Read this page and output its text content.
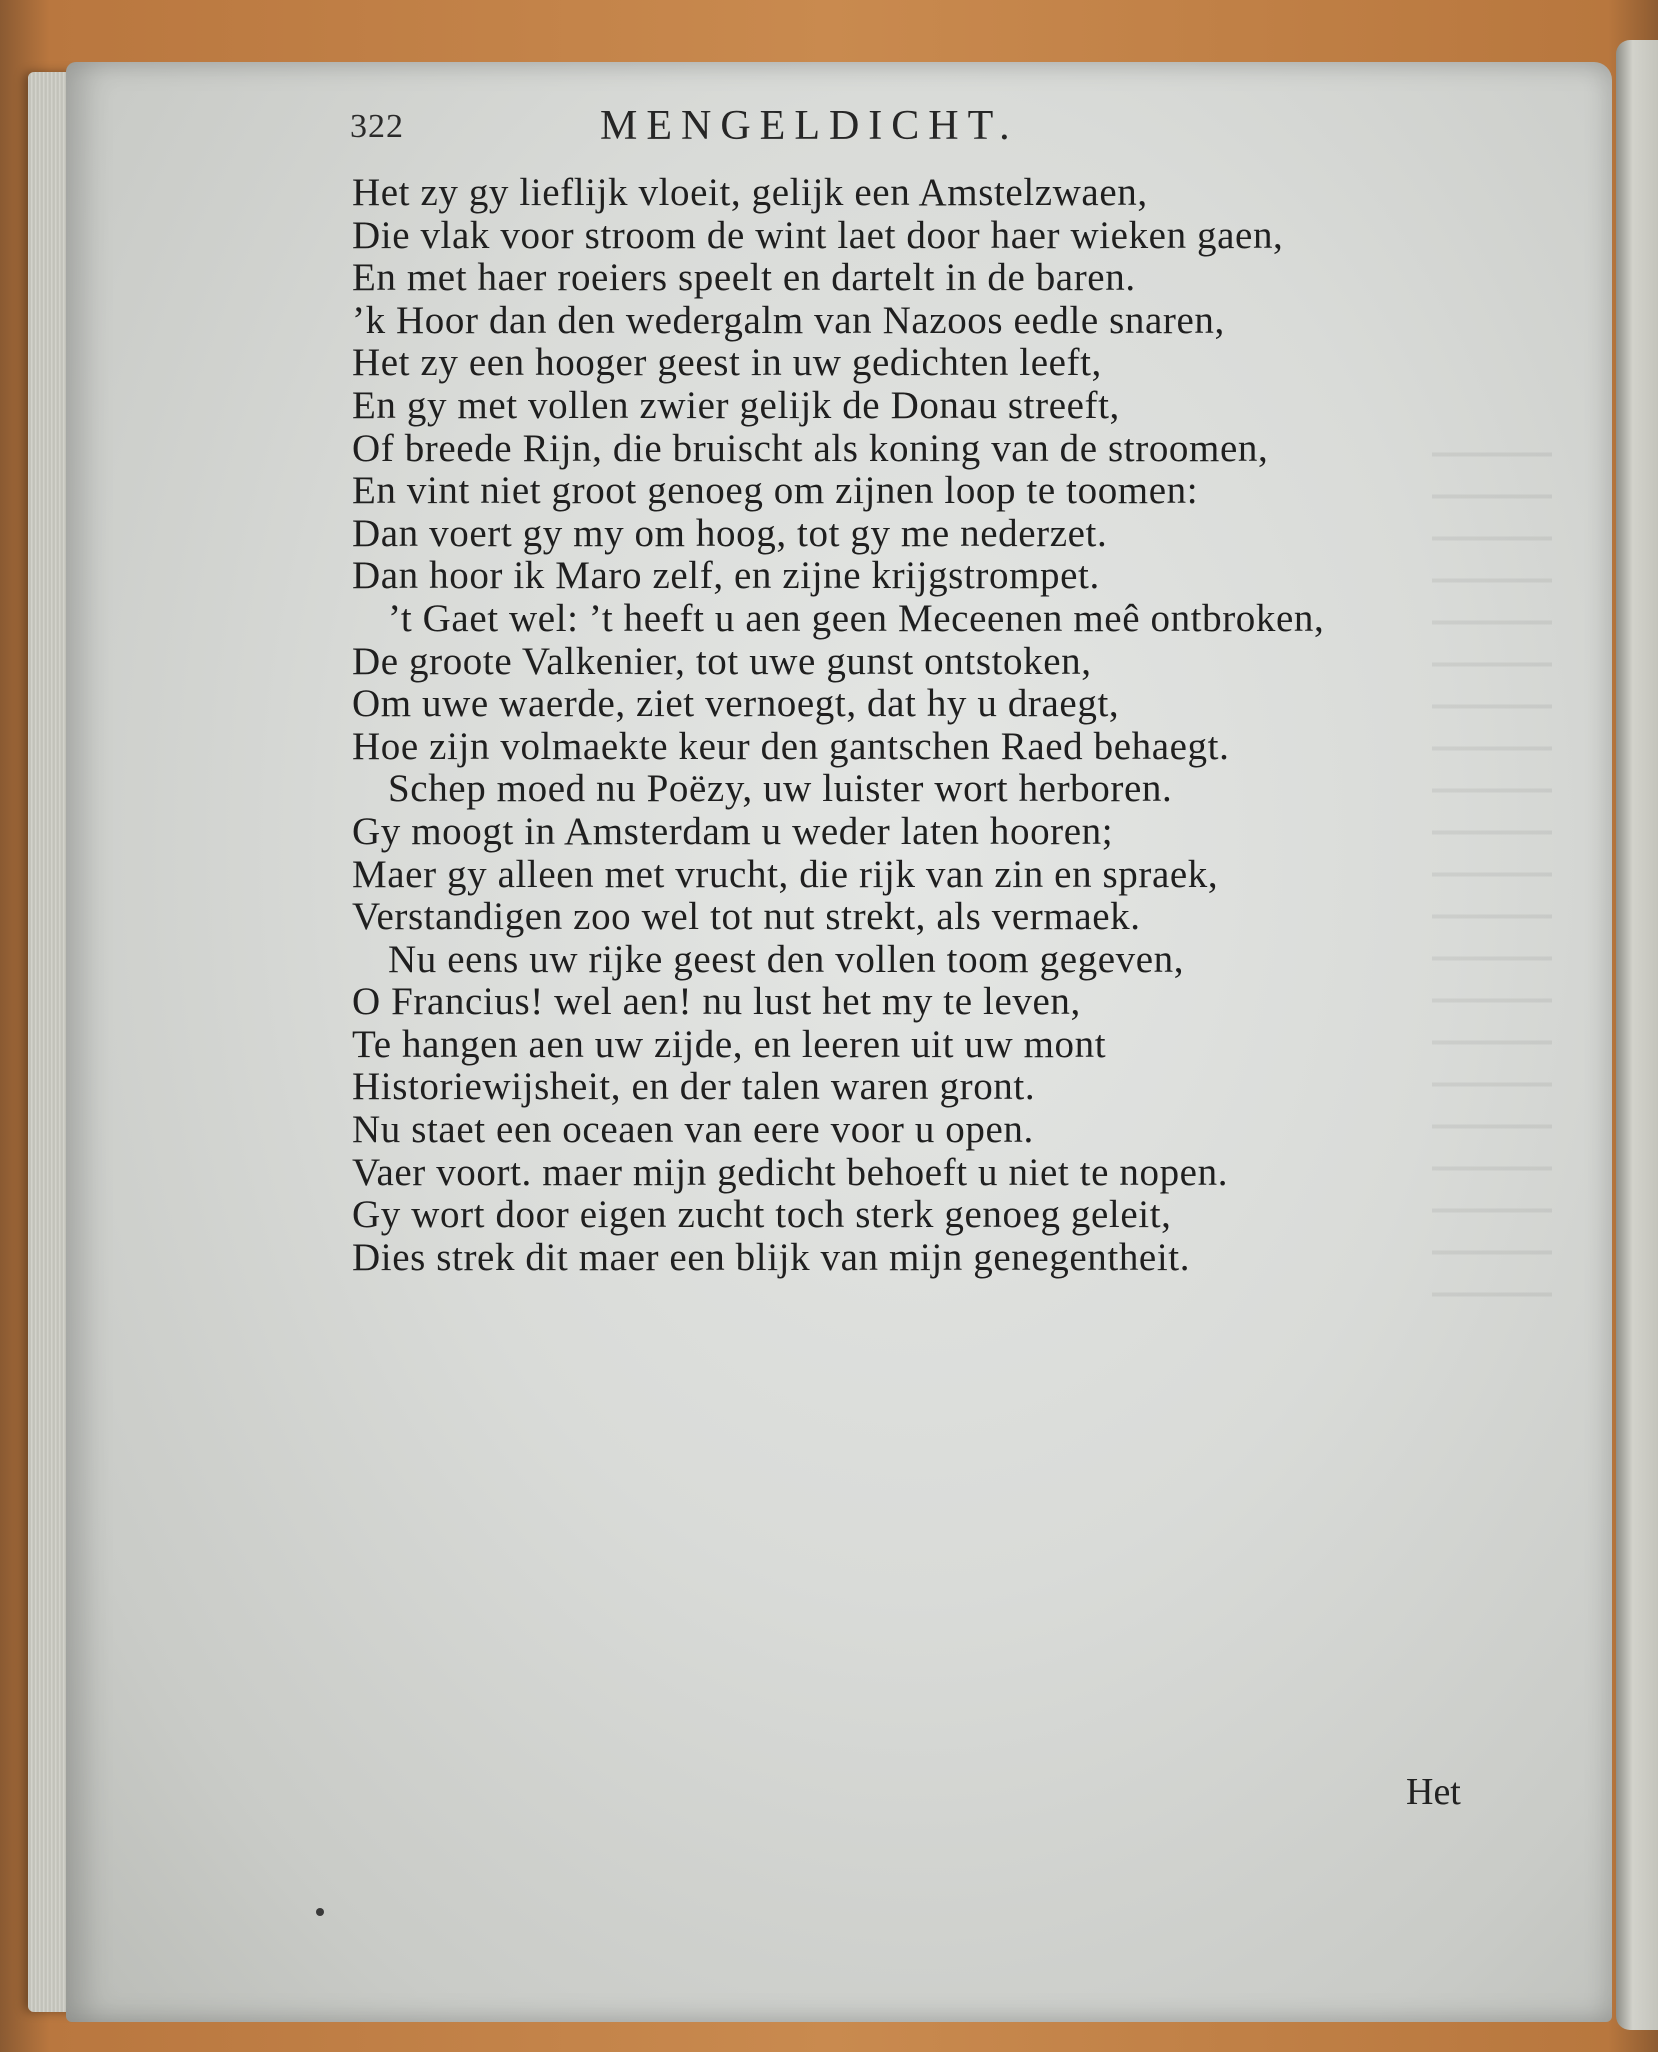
322	MENGELDICHT.
Het zy gy lieflijk vloeit, gelijk een Amstelzwaen,
Die vlak voor stroom de wint laet door haer wieken gaen,
En met haer roeiers speelt en dartelt in de baren.
’k Hoor dan den wedergalm van Nazoos eedle snaren,
Het zy een hooger geest in uw gedichten leeft,
En gy met vollen zwier gelijk de Donau streeft,
Of breede Rijn, die bruischt als koning van de stroomen,
En vint niet groot genoeg om zijnen loop te toomen:
Dan voert gy my om hoog, tot gy me nederzet.
Dan hoor ik Maro zelf, en zijne krijgstrompet.
’t Gaet wel: ’t heeft u aen geen Meceenen meê ontbroken,
De groote Valkenier, tot uwe gunst ontstoken,
Om uwe waerde, ziet vernoegt, dat hy u draegt,
Hoe zijn volmaekte keur den gantschen Raed behaegt.
Schep moed nu Poëzy, uw luister wort herboren.
Gy moogt in Amsterdam u weder laten hooren;
Maer gy alleen met vrucht, die rijk van zin en spraek,
Verstandigen zoo wel tot nut strekt, als vermaek.
Nu eens uw rijke geest den vollen toom gegeven,
O Francius! wel aen! nu lust het my te leven,
Te hangen aen uw zijde, en leeren uit uw mont
Historiewijsheit, en der talen waren gront.
Nu staet een oceaen van eere voor u open.
Vaer voort. maer mijn gedicht behoeft u niet te nopen.
Gy wort door eigen zucht toch sterk genoeg geleit,
Dies strek dit maer een blijk van mijn genegentheit.
Het
